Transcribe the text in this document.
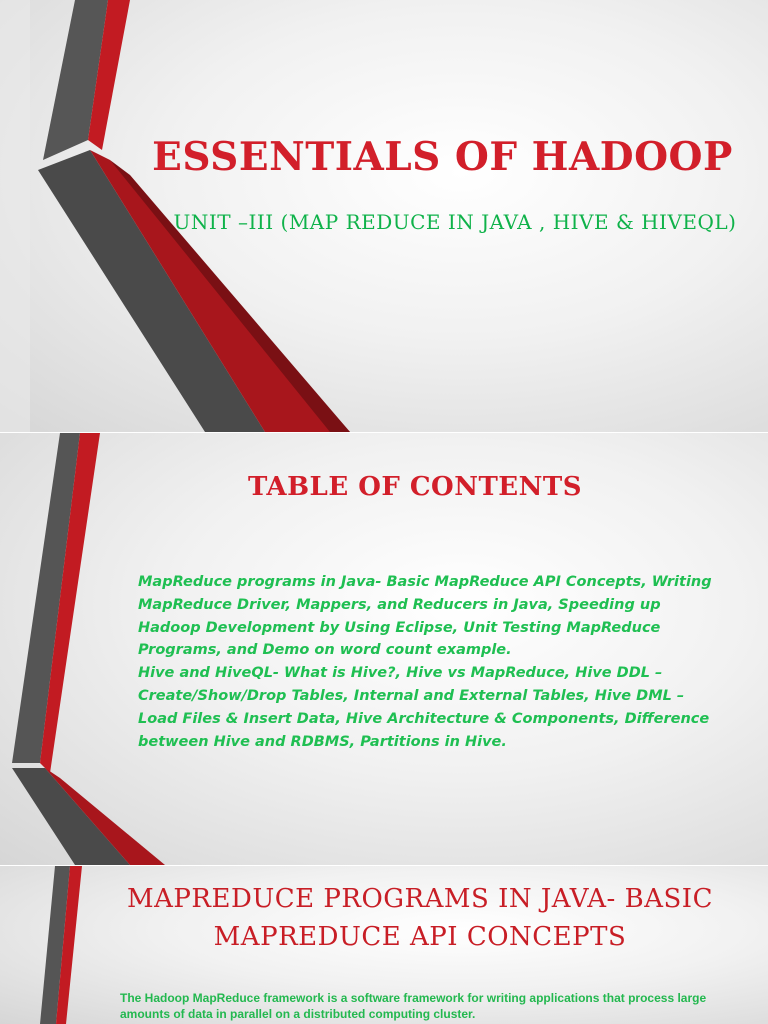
ESSENTIALS OF HADOOP

UNIT –III (MAP REDUCE IN JAVA , HIVE & HIVEQL)

TABLE OF CONTENTS

MapReduce programs in Java- Basic MapReduce API Concepts, Writing MapReduce Driver, Mappers, and Reducers in Java, Speeding up Hadoop Development by Using Eclipse, Unit Testing MapReduce Programs, and Demo on word count example.

Hive and HiveQL- What is Hive?, Hive vs MapReduce, Hive DDL – Create/Show/Drop Tables, Internal and External Tables, Hive DML – Load Files & Insert Data, Hive Architecture & Components, Difference between Hive and RDBMS, Partitions in Hive.

MAPREDUCE PROGRAMS IN JAVA- BASIC MAPREDUCE API CONCEPTS

The Hadoop MapReduce framework is a software framework for writing applications that process large amounts of data in parallel on a distributed computing cluster.
